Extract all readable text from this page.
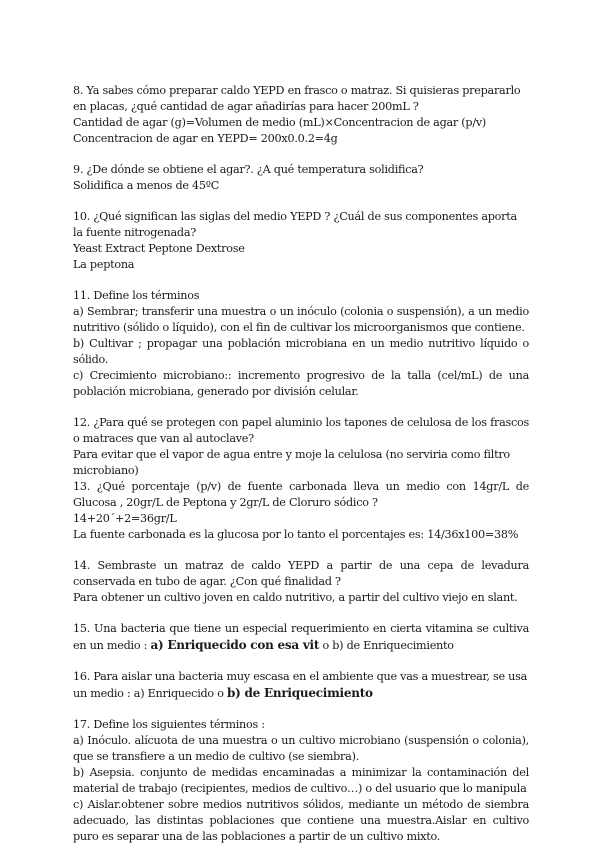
8. Ya sabes cómo preparar caldo YEPD en frasco o matraz. Si quisieras prepararlo en placas, ¿qué cantidad de agar añadirías para hacer 200mL ?

Cantidad de agar (g)=Volumen de medio (mL)×Concentracion de agar (p/v)

Concentracion de agar en YEPD= 200x0.0.2=4g

9. ¿De dónde se obtiene el agar?. ¿A qué temperatura solidifica?

Solidifica a menos de 45ºC

10. ¿Qué significan las siglas del medio YEPD ? ¿Cuál de sus componentes aporta la fuente nitrogenada?

Yeast Extract Peptone Dextrose

La peptona

11. Define los términos

a) Sembrar; transferir una muestra o un inóculo (colonia o suspensión), a un medio nutritivo (sólido o líquido), con el fin de cultivar los microorganismos que contiene.

b) Cultivar ; propagar una población microbiana en un medio nutritivo líquido o sólido.

c) Crecimiento microbiano:: incremento progresivo de la talla (cel/mL) de una población microbiana, generado por división celular.

12. ¿Para qué se protegen con papel aluminio los tapones de celulosa de los frascos o matraces que van al autoclave?

Para evitar que el vapor de agua entre y moje la celulosa (no serviria como filtro microbiano)

13. ¿Qué porcentaje (p/v) de fuente carbonada lleva un medio con 14gr/L de Glucosa , 20gr/L de Peptona y 2gr/L de Cloruro sódico ?

14+20´+2=36gr/L

La fuente carbonada es la glucosa por lo tanto el porcentajes es: 14/36x100=38%

14. Sembraste un matraz de caldo YEPD a partir de una cepa de levadura conservada en tubo de agar. ¿Con qué finalidad ?

Para obtener un cultivo joven en caldo nutritivo, a partir del cultivo viejo en slant.

15. Una bacteria que tiene un especial requerimiento en cierta vitamina se cultiva en un medio : a) Enriquecido con esa vit o b) de Enriquecimiento

16. Para aislar una bacteria muy escasa en el ambiente que vas a muestrear, se usa un medio : a) Enriquecido o b) de Enriquecimiento

17. Define los siguientes términos :

a) Inóculo. alícuota de una muestra o un cultivo microbiano (suspensión o colonia), que se transfiere a un medio de cultivo (se siembra).

b) Asepsia. conjunto de medidas encaminadas a minimizar la contaminación del material de trabajo (recipientes, medios de cultivo…) o del usuario que lo manipula

c) Aislar.obtener sobre medios nutritivos sólidos, mediante un método de siembra adecuado, las distintas poblaciones que contiene una muestra.Aislar en cultivo puro es separar una de las poblaciones a partir de un cultivo mixto.
